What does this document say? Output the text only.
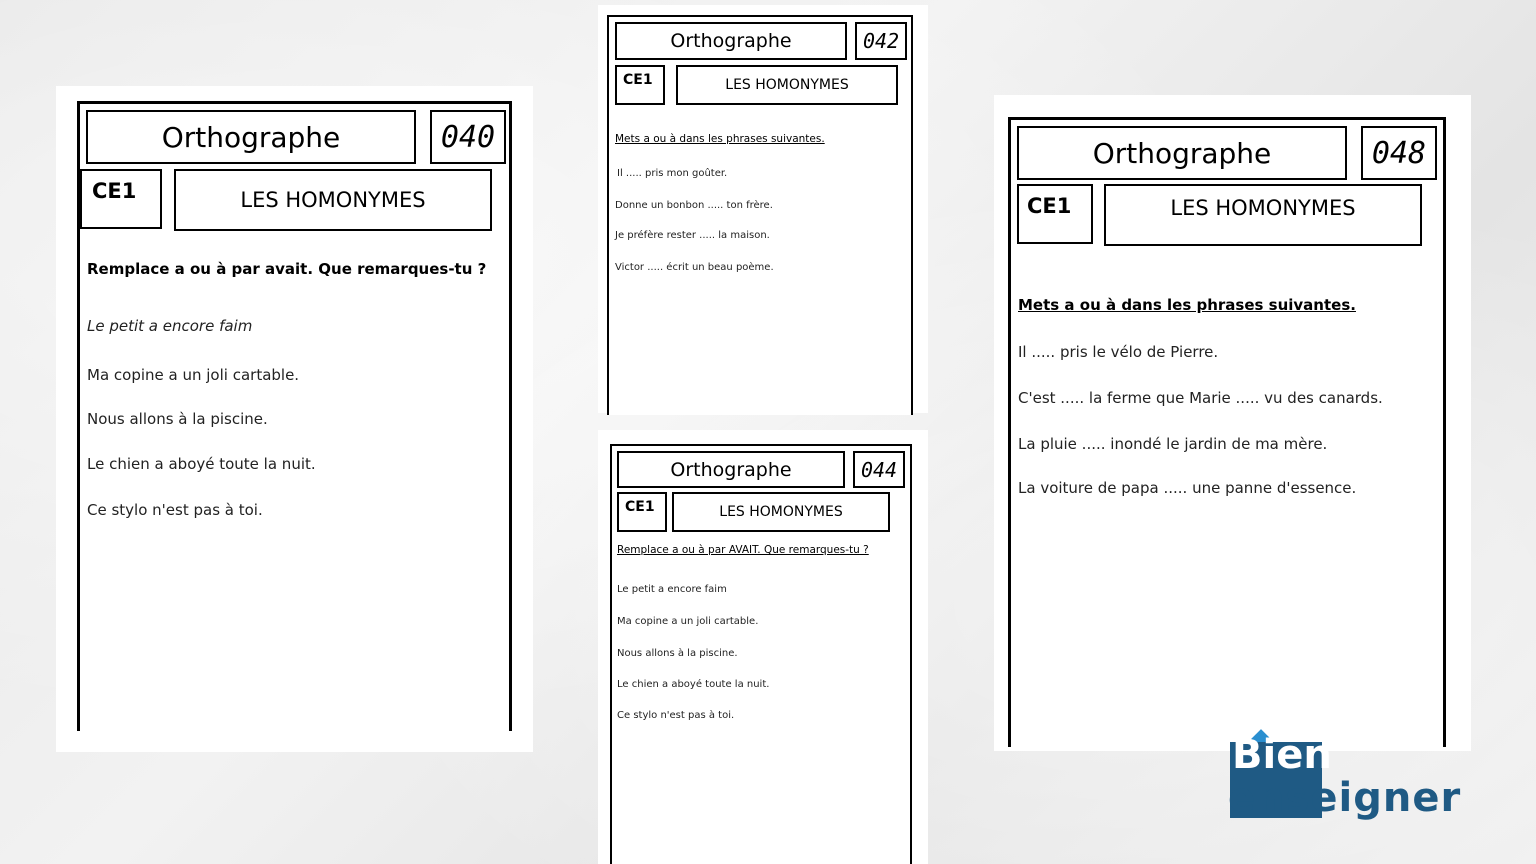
Orthographe	040
CE1	LES HOMONYMES
Remplace a ou à par avait. Que remarques-tu ?
Le petit a encore faim
Ma copine a un joli cartable.
Nous allons à la piscine.
Le chien a aboyé toute la nuit.
Ce stylo n'est pas à toi.
Orthographe	042
CE1	LES HOMONYMES
Mets a ou à dans les phrases suivantes.
Il ..... pris mon goûter.
Donne un bonbon ..... ton frère.
Je préfère rester ..... la maison.
Victor ..... écrit un beau poème.
Orthographe	044
CE1	LES HOMONYMES
Remplace a ou à par AVAIT. Que remarques-tu ?
Le petit a encore faim
Ma copine a un joli cartable.
Nous allons à la piscine.
Le chien a aboyé toute la nuit.
Ce stylo n'est pas à toi.
Orthographe	048
CE1	LES HOMONYMES
Mets a ou à dans les phrases suivantes.
Il ..... pris le vélo de Pierre.
C'est ..... la ferme que Marie ..... vu des canards.
La pluie ..... inondé le jardin de ma mère.
La voiture de papa ..... une panne d'essence.
Bien
enseigner
